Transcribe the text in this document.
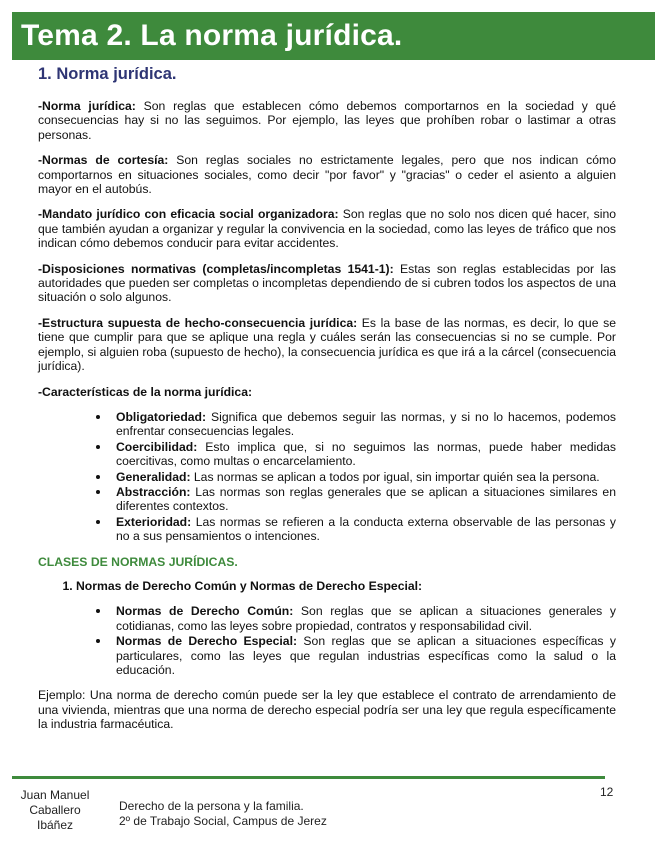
Tema 2. La norma jurídica.
1. Norma jurídica.

-Norma jurídica: Son reglas que establecen cómo debemos comportarnos en la sociedad y qué consecuencias hay si no las seguimos. Por ejemplo, las leyes que prohíben robar o lastimar a otras personas.

-Normas de cortesía: Son reglas sociales no estrictamente legales, pero que nos indican cómo comportarnos en situaciones sociales, como decir "por favor" y "gracias" o ceder el asiento a alguien mayor en el autobús.

-Mandato jurídico con eficacia social organizadora: Son reglas que no solo nos dicen qué hacer, sino que también ayudan a organizar y regular la convivencia en la sociedad, como las leyes de tráfico que nos indican cómo debemos conducir para evitar accidentes.

-Disposiciones normativas (completas/incompletas 1541-1): Estas son reglas establecidas por las autoridades que pueden ser completas o incompletas dependiendo de si cubren todos los aspectos de una situación o solo algunos.

-Estructura supuesta de hecho-consecuencia jurídica: Es la base de las normas, es decir, lo que se tiene que cumplir para que se aplique una regla y cuáles serán las consecuencias si no se cumple. Por ejemplo, si alguien roba (supuesto de hecho), la consecuencia jurídica es que irá a la cárcel (consecuencia jurídica).

-Características de la norma jurídica:

Obligatoriedad: Significa que debemos seguir las normas, y si no lo hacemos, podemos enfrentar consecuencias legales.
Coercibilidad: Esto implica que, si no seguimos las normas, puede haber medidas coercitivas, como multas o encarcelamiento.
Generalidad: Las normas se aplican a todos por igual, sin importar quién sea la persona.
Abstracción: Las normas son reglas generales que se aplican a situaciones similares en diferentes contextos.
Exterioridad: Las normas se refieren a la conducta externa observable de las personas y no a sus pensamientos o intenciones.

CLASES DE NORMAS JURÍDICAS.

1. Normas de Derecho Común y Normas de Derecho Especial:
Normas de Derecho Común: Son reglas que se aplican a situaciones generales y cotidianas, como las leyes sobre propiedad, contratos y responsabilidad civil.
Normas de Derecho Especial: Son reglas que se aplican a situaciones específicas y particulares, como las leyes que regulan industrias específicas como la salud o la educación.

Ejemplo: Una norma de derecho común puede ser la ley que establece el contrato de arrendamiento de una vivienda, mientras que una norma de derecho especial podría ser una ley que regula específicamente la industria farmacéutica.

Juan Manuel
Caballero
Ibáñez
Derecho de la persona y la familia.
2º de Trabajo Social, Campus de Jerez
12
